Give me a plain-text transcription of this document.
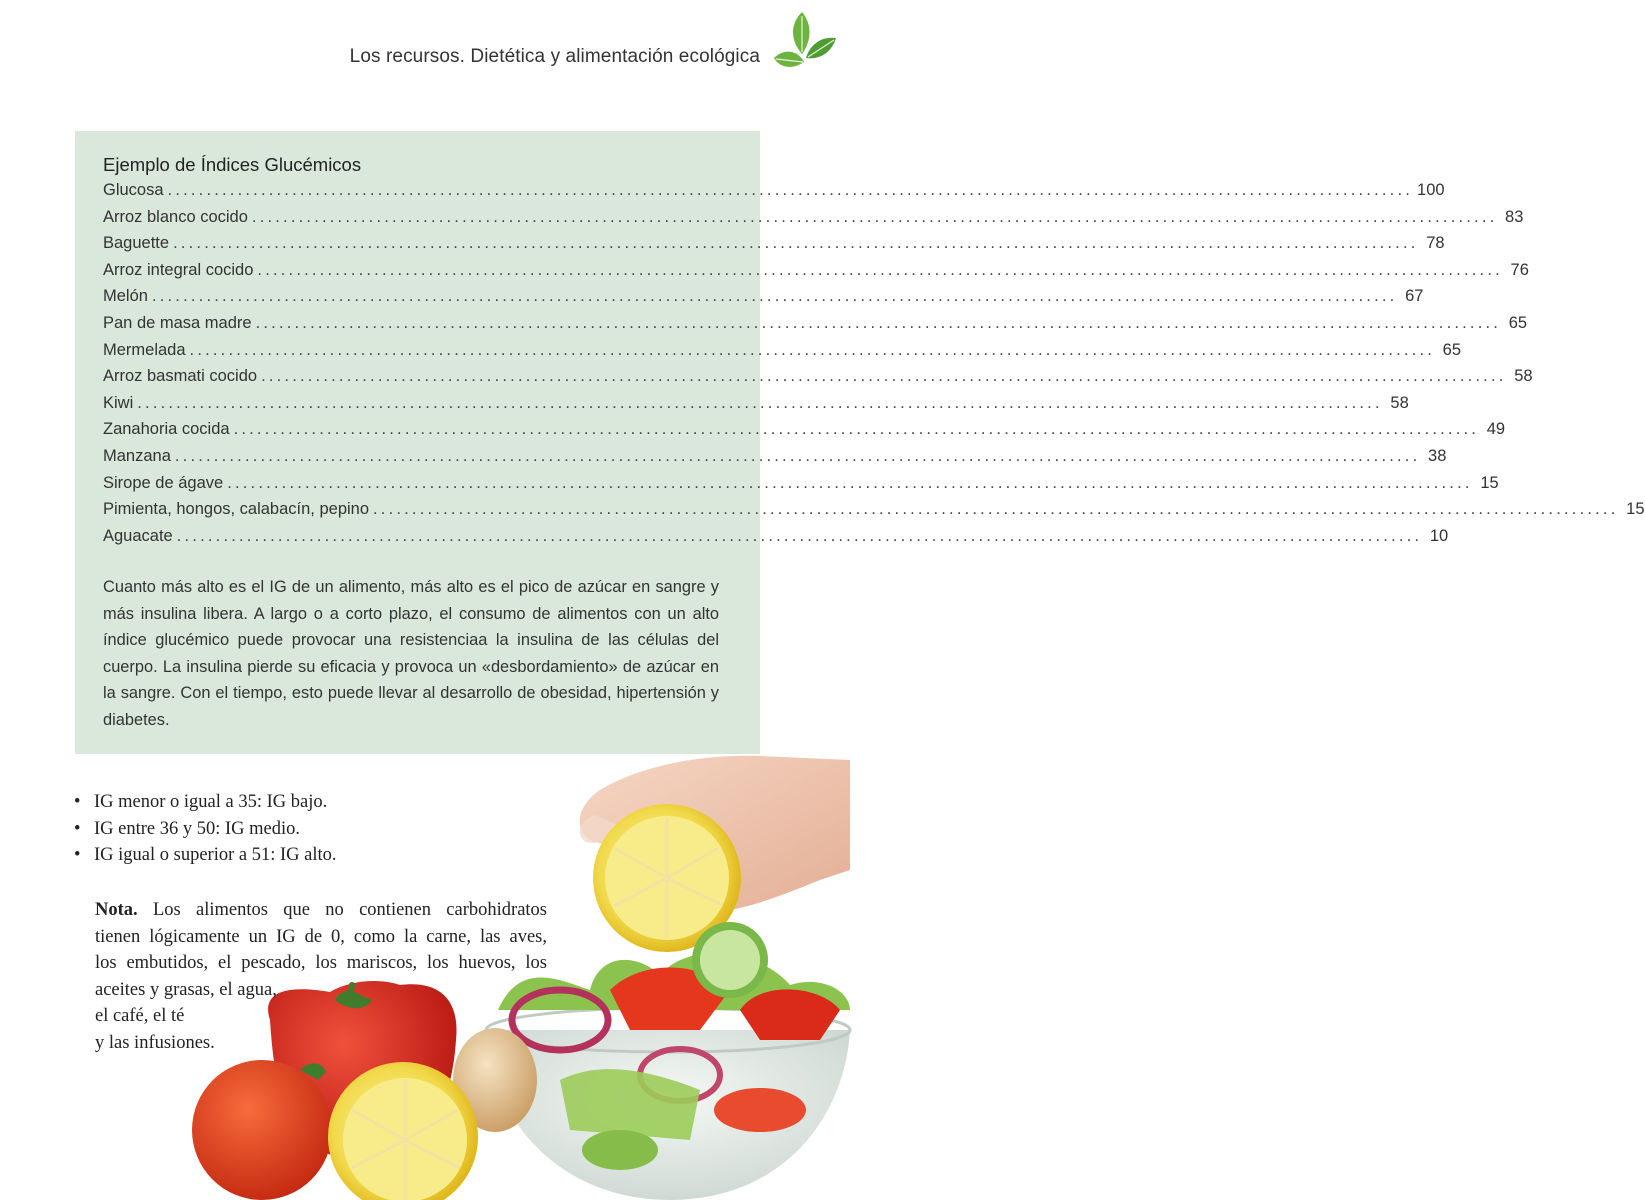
Los recursos. Dietética y alimentación ecológica
Ejemplo de Índices Glucémicos
Glucosa ................................................................................................................................................................ 100
Arroz blanco cocido ................................................................................................................................................................ 83
Baguette ................................................................................................................................................................ 78
Arroz integral cocido ................................................................................................................................................................ 76
Melón ................................................................................................................................................................ 67
Pan de masa madre ................................................................................................................................................................ 65
Mermelada ................................................................................................................................................................ 65
Arroz basmati cocido ................................................................................................................................................................ 58
Kiwi ................................................................................................................................................................ 58
Zanahoria cocida ................................................................................................................................................................ 49
Manzana ................................................................................................................................................................ 38
Sirope de ágave ................................................................................................................................................................ 15
Pimienta, hongos, calabacín, pepino ................................................................................................................................................................ 15
Aguacate ................................................................................................................................................................ 10

Cuanto más alto es el IG de un alimento, más alto es el pico de azúcar en sangre y más insulina libera. A largo o a corto plazo, el consumo de alimentos con un alto índice glucémico puede provocar una resistenciaa la insulina de las células del cuerpo. La insulina pierde su eficacia y provoca un «desbordamiento» de azúcar en la sangre. Con el tiempo, esto puede llevar al desarrollo de obesidad, hipertensión y diabetes.

• IG menor o igual a 35: IG bajo.
• IG entre 36 y 50: IG medio.
• IG igual o superior a 51: IG alto.

Nota. Los alimentos que no contienen carbohidratos
tienen lógicamente un IG de 0, como la carne, las aves,
los embutidos, el pescado, los mariscos, los huevos, los
aceites y grasas, el agua,
el café, el té
y las infusiones.
